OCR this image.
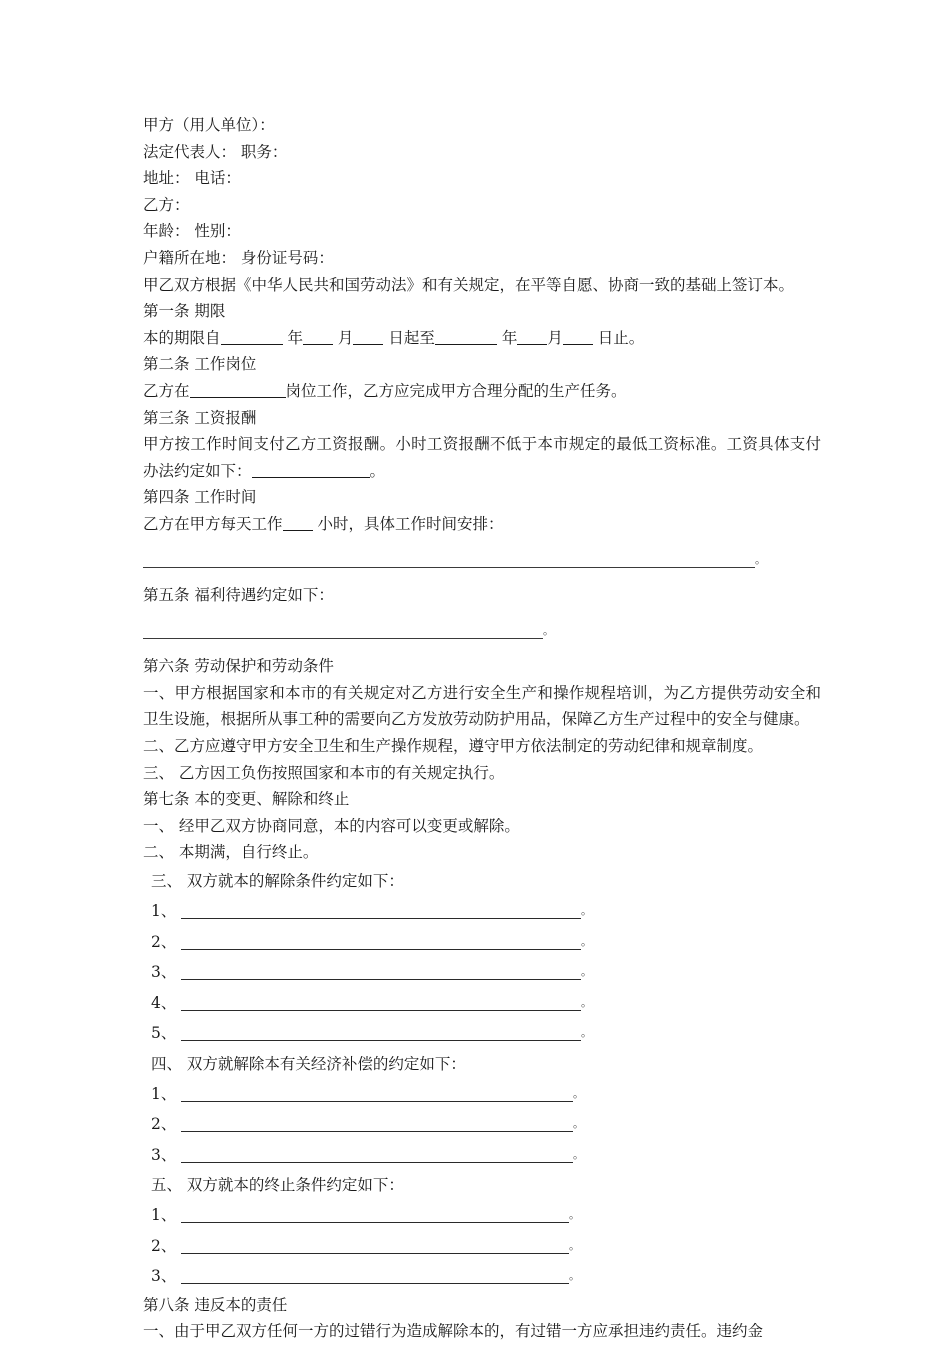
甲方（用人单位）：
法定代表人： 职务：
地址： 电话：
乙方：
年龄： 性别：
户籍所在地： 身份证号码：
甲乙双方根据《中华人民共和国劳动法》和有关规定，在平等自愿、协商一致的基础上签订本。
第一条 期限
本的期限自	年 月 日起至	年 月 日止。
第二条 工作岗位
乙方在	岗位工作，乙方应完成甲方合理分配的生产任务。
第三条 工资报酬
甲方按工作时间支付乙方工资报酬。小时工资报酬不低于本市规定的最低工资标准。工资具体支付办法约定如下：	。
第四条 工作时间
乙方在甲方每天工作 小时，具体工作时间安排：
。
第五条 福利待遇约定如下：
。
第六条 劳动保护和劳动条件
一、甲方根据国家和本市的有关规定对乙方进行安全生产和操作规程培训，为乙方提供劳动安全和卫生设施，根据所从事工种的需要向乙方发放劳动防护用品，保障乙方生产过程中的安全与健康。
二、乙方应遵守甲方安全卫生和生产操作规程，遵守甲方依法制定的劳动纪律和规章制度。
三、 乙方因工负伤按照国家和本市的有关规定执行。
第七条 本的变更、解除和终止
一、 经甲乙双方协商同意，本的内容可以变更或解除。
二、 本期满，自行终止。
三、 双方就本的解除条件约定如下：
1、	。
2、	。
3、	。
4、	。
5、	。
四、 双方就解除本有关经济补偿的约定如下：
1、	。
2、	。
3、	。
五、 双方就本的终止条件约定如下：
1、	。
2、	。
3、	。
第八条 违反本的责任
一、由于甲乙双方任何一方的过错行为造成解除本的，有过错一方应承担违约责任。违约金
